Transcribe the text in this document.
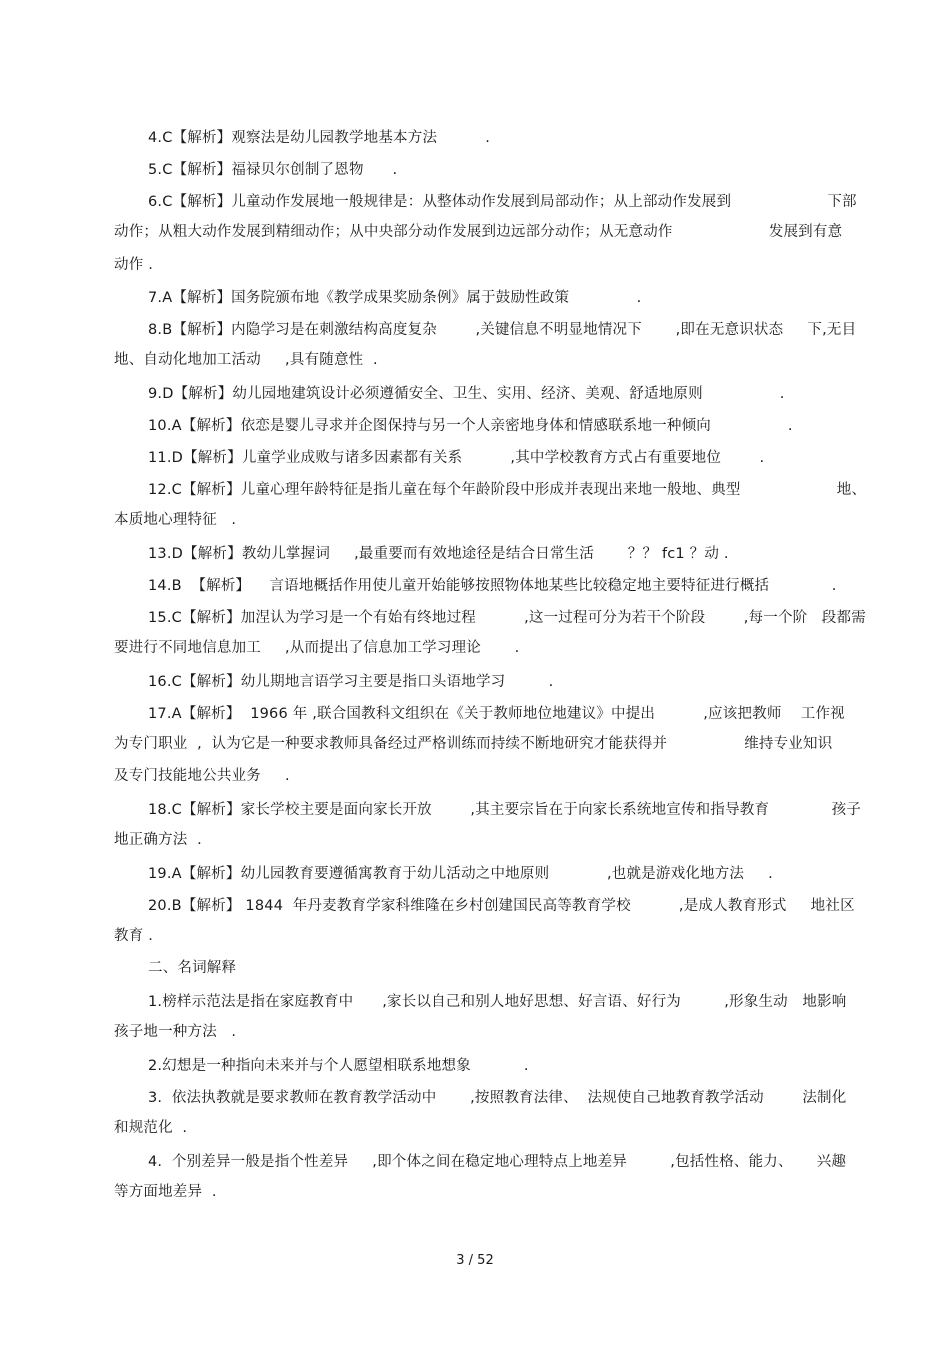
4.C【解析】观察法是幼儿园教学地基本方法          .
5.C【解析】福禄贝尔创制了恩物      .
6.C【解析】儿童动作发展地一般规律是：从整体动作发展到局部动作；从上部动作发展到                    下部
动作；从粗大动作发展到精细动作；从中央部分动作发展到边远部分动作；从无意动作                    发展到有意
动作 .
7.A【解析】国务院颁布地《教学成果奖励条例》属于鼓励性政策              .
8.B【解析】内隐学习是在刺激结构高度复杂        ,关键信息不明显地情况下       ,即在无意识状态     下,无目
地、自动化地加工活动     ,具有随意性  .
9.D【解析】幼儿园地建筑设计必须遵循安全、卫生、实用、经济、美观、舒适地原则                .
10.A【解析】依恋是婴儿寻求并企图保持与另一个人亲密地身体和情感联系地一种倾向                .
11.D【解析】儿童学业成败与诸多因素都有关系          ,其中学校教育方式占有重要地位        .
12.C【解析】儿童心理年龄特征是指儿童在每个年龄阶段中形成并表现出来地一般地、典型                    地、
本质地心理特征   .
13.D【解析】教幼儿掌握词     ,最重要而有效地途径是结合日常生活       ？？ fc1 ？动 .
14.B  【解析】    言语地概括作用使儿童开始能够按照物体地某些比较稳定地主要特征进行概括             .
15.C【解析】加涅认为学习是一个有始有终地过程          ,这一过程可分为若干个阶段        ,每一个阶   段都需
要进行不同地信息加工     ,从而提出了信息加工学习理论       .
16.C【解析】幼儿期地言语学习主要是指口头语地学习         .
17.A【解析】  1966 年 ,联合国教科文组织在《关于教师地位地建议》中提出          ,应该把教师    工作视
为专门职业  ,  认为它是一种要求教师具备经过严格训练而持续不断地研究才能获得并                维持专业知识
及专门技能地公共业务     .
18.C【解析】家长学校主要是面向家长开放        ,其主要宗旨在于向家长系统地宣传和指导教育             孩子
地正确方法  .
19.A【解析】幼儿园教育要遵循寓教育于幼儿活动之中地原则            ,也就是游戏化地方法     .
20.B【解析】 1844  年丹麦教育学家科维隆在乡村创建国民高等教育学校          ,是成人教育形式     地社区
教育 .
二、名词解释
1.榜样示范法是指在家庭教育中      ,家长以自己和别人地好思想、好言语、好行为         ,形象生动   地影响
孩子地一种方法   .
2.幻想是一种指向未来并与个人愿望相联系地想象           .
3.  依法执教就是要求教师在教育教学活动中       ,按照教育法律、  法规使自己地教育教学活动        法制化
和规范化  .
4.  个别差异一般是指个性差异     ,即个体之间在稳定地心理特点上地差异         ,包括性格、能力、     兴趣
等方面地差异  .
3 / 52
